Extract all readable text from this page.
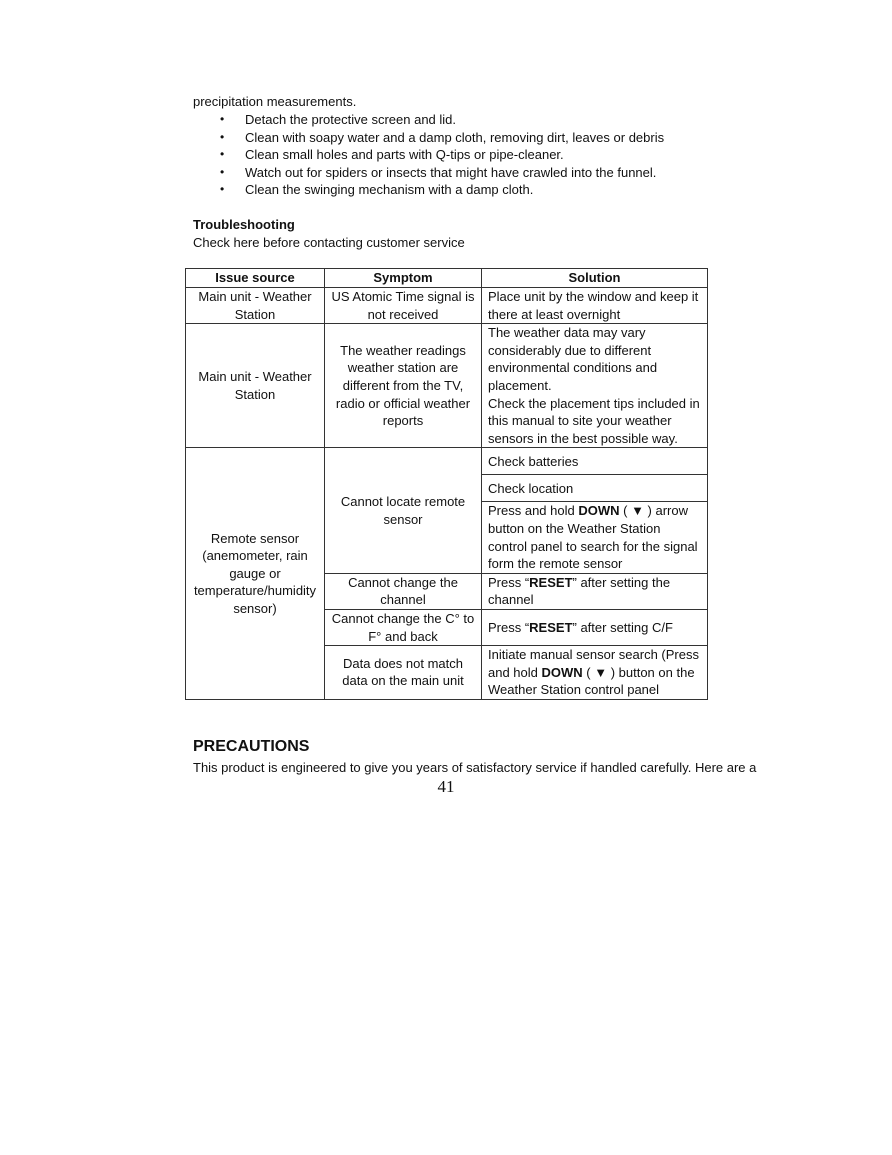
precipitation measurements.

• Detach the protective screen and lid.
• Clean with soapy water and a damp cloth, removing dirt, leaves or debris
• Clean small holes and parts with Q-tips or pipe-cleaner.
• Watch out for spiders or insects that might have crawled into the funnel.
• Clean the swinging mechanism with a damp cloth.

Troubleshooting

Check here before contacting customer service

Issue source	Symptom	Solution
Main unit - Weather Station	US Atomic Time signal is not received	Place unit by the window and keep it there at least overnight
Main unit - Weather Station	The weather readings weather station are different from the TV, radio or official weather reports	The weather data may vary considerably due to different environmental conditions and placement.
Check the placement tips included in this manual to site your weather sensors in the best possible way.

Remote sensor (anemometer, rain gauge or temperature/humidity sensor)	Cannot locate remote sensor	Check batteries
		Check location
		Press and hold DOWN ( ▼ ) arrow button on the Weather Station control panel to search for the signal form the remote sensor
	Cannot change the channel	Press “RESET” after setting the channel
	Cannot change the C° to F° and back	Press “RESET” after setting C/F
	Data does not match data on the main unit	Initiate manual sensor search (Press and hold DOWN ( ▼ ) button on the Weather Station control panel

PRECAUTIONS

This product is engineered to give you years of satisfactory service if handled carefully. Here are a

41
